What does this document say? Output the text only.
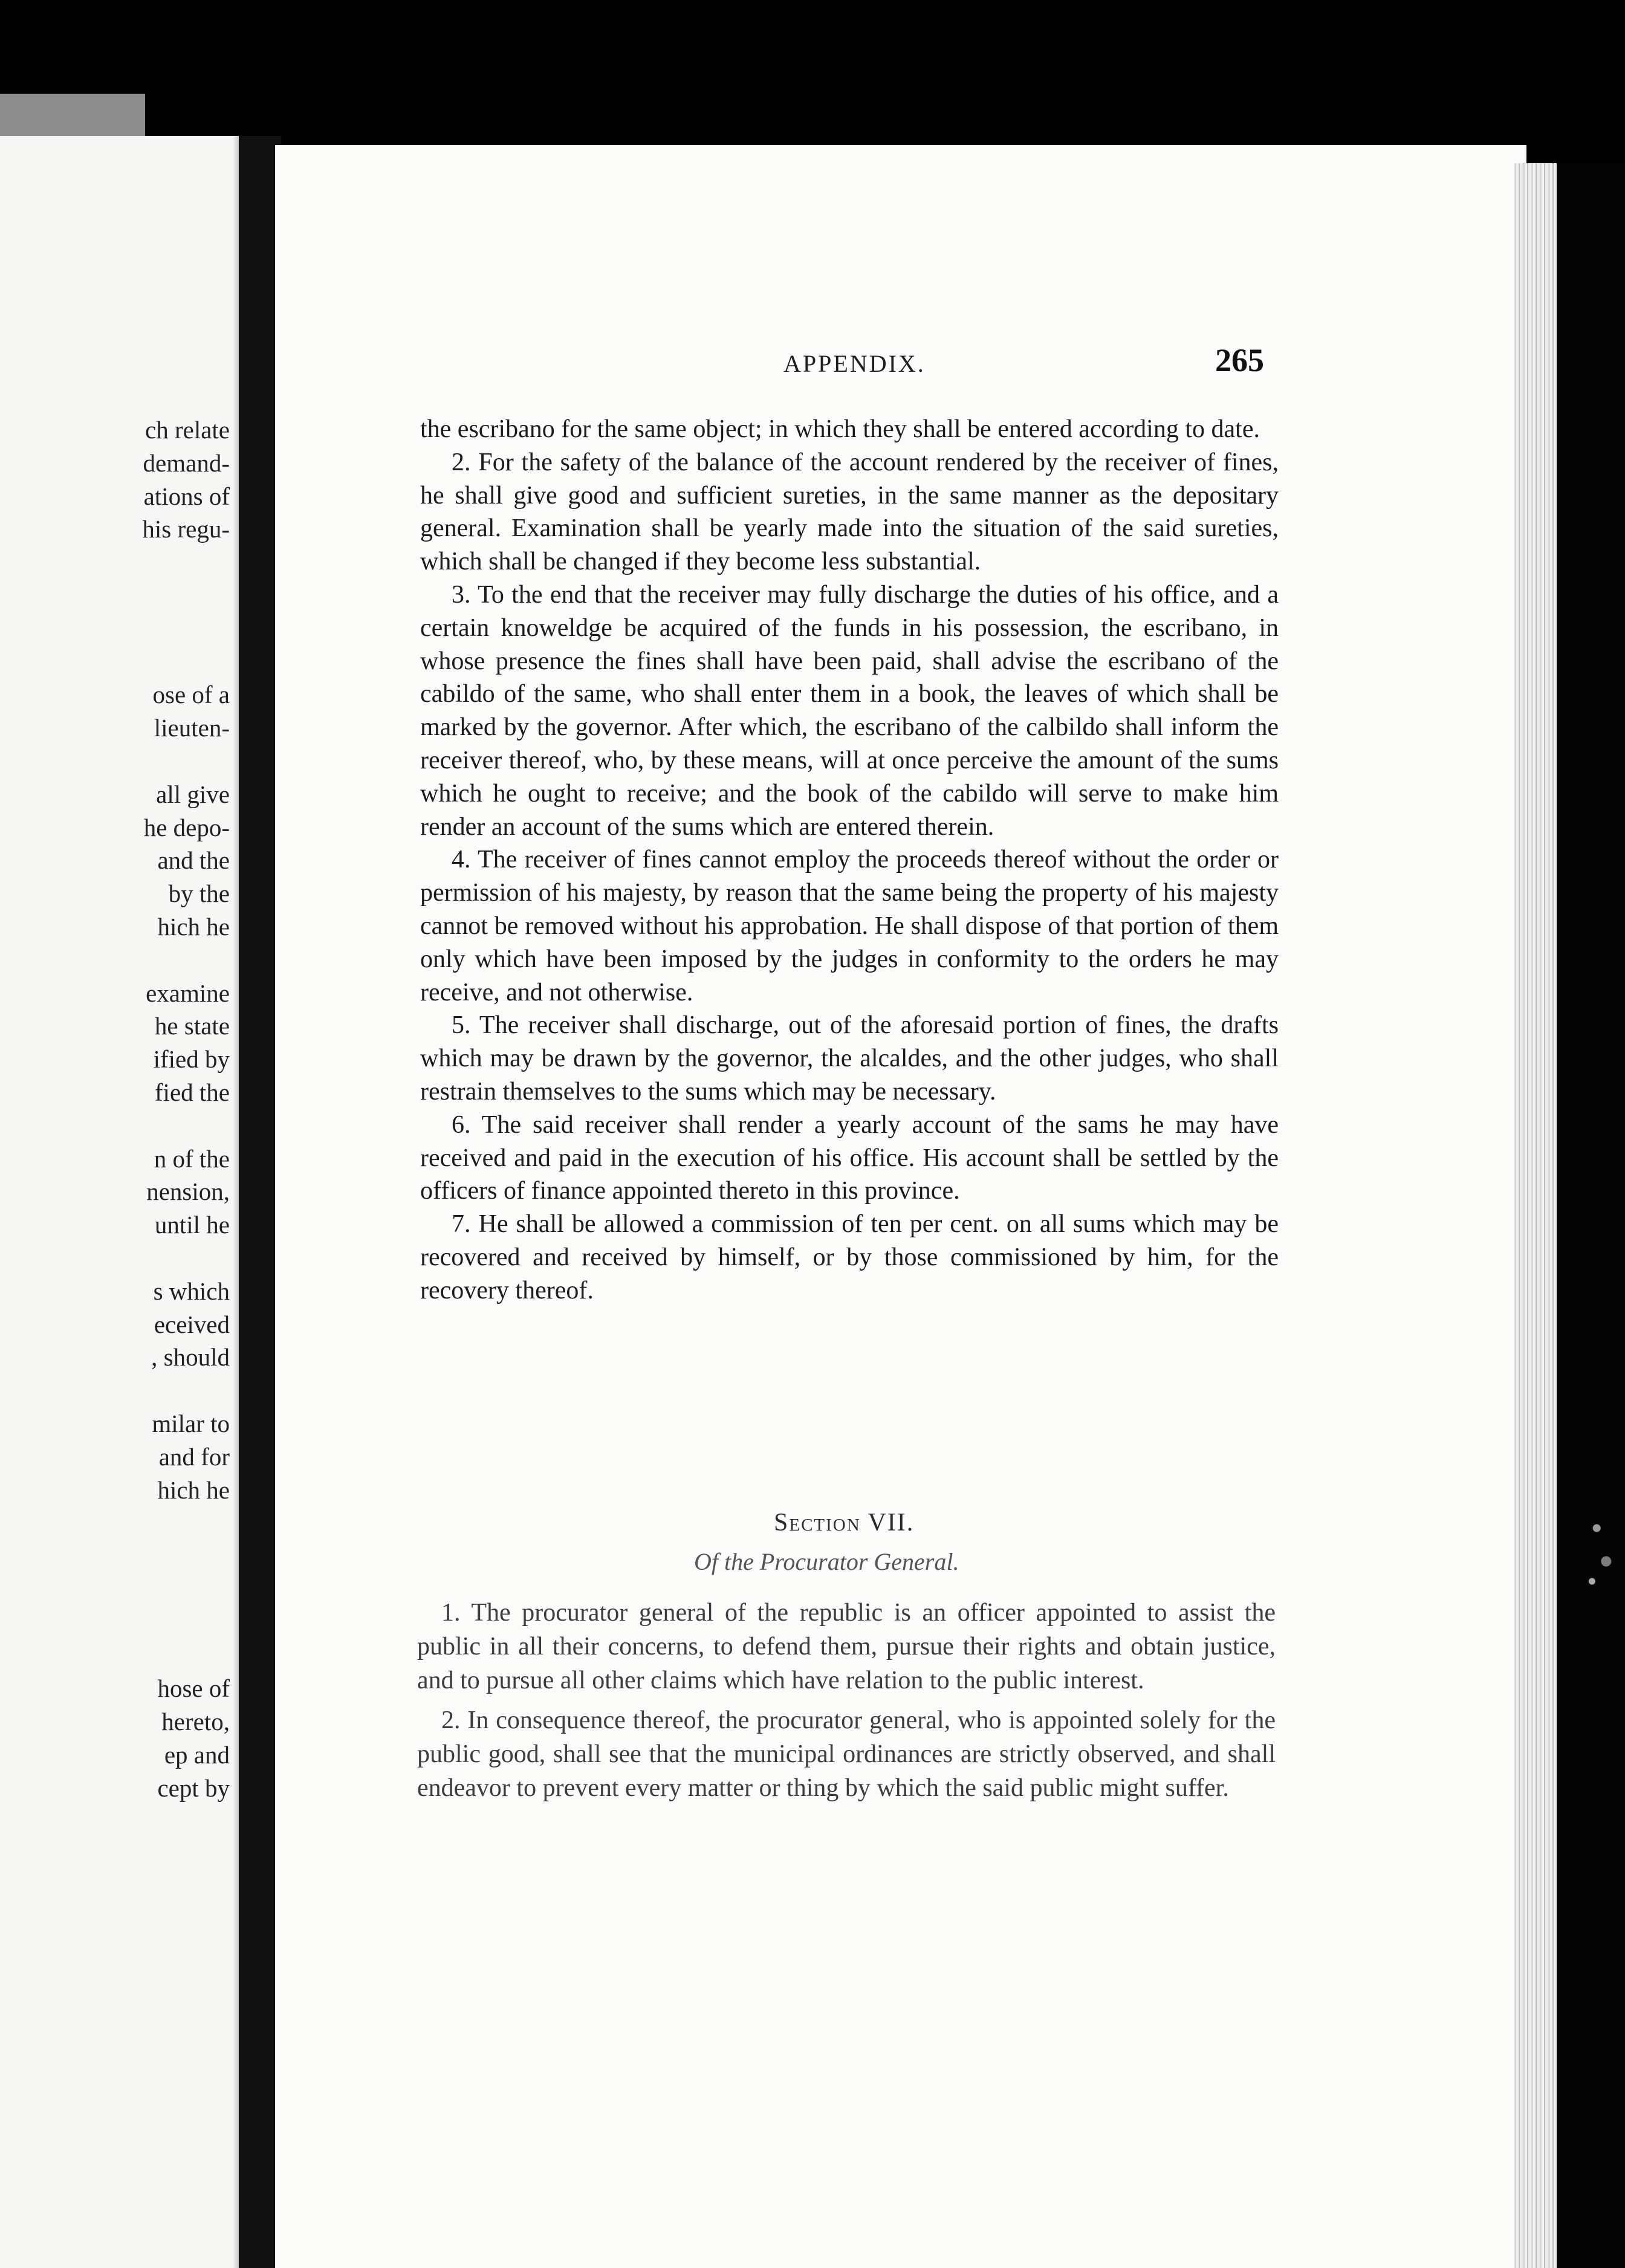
ch relate
demand-
ations of
his regu-
ose of a
lieuten-
all give
he depo-
and the
by the
hich he
examine
he state
ified by
fied the
n of the
nension,
until he
s which
eceived
, should
milar to
and for
hich he
hose of
hereto,
ep and
cept by
APPENDIX.	265

the escribano for the same object; in which they shall be entered according to date.

2. For the safety of the balance of the account rendered by the receiver of fines, he shall give good and sufficient sureties, in the same manner as the depositary general. Examination shall be yearly made into the situation of the said sureties, which shall be changed if they become less substantial.

3. To the end that the receiver may fully discharge the duties of his office, and a certain knoweldge be acquired of the funds in his possession, the escribano, in whose presence the fines shall have been paid, shall advise the escribano of the cabildo of the same, who shall enter them in a book, the leaves of which shall be marked by the governor. After which, the escribano of the calbildo shall inform the receiver thereof, who, by these means, will at once perceive the amount of the sums which he ought to receive; and the book of the cabildo will serve to make him render an account of the sums which are entered therein.

4. The receiver of fines cannot employ the proceeds thereof without the order or permission of his majesty, by reason that the same being the property of his majesty cannot be removed without his approbation. He shall dispose of that portion of them only which have been imposed by the judges in conformity to the orders he may receive, and not otherwise.

5. The receiver shall discharge, out of the aforesaid portion of fines, the drafts which may be drawn by the governor, the alcaldes, and the other judges, who shall restrain themselves to the sums which may be necessary.

6. The said receiver shall render a yearly account of the sams he may have received and paid in the execution of his office. His account shall be settled by the officers of finance appointed thereto in this province.

7. He shall be allowed a commission of ten per cent. on all sums which may be recovered and received by himself, or by those commissioned by him, for the recovery thereof.

Section VII.
Of the Procurator General.

1. The procurator general of the republic is an officer appointed to assist the public in all their concerns, to defend them, pursue their rights and obtain justice, and to pursue all other claims which have relation to the public interest.

2. In consequence thereof, the procurator general, who is appointed solely for the public good, shall see that the municipal ordinances are strictly observed, and shall endeavor to prevent every matter or thing by which the said public might suffer.
